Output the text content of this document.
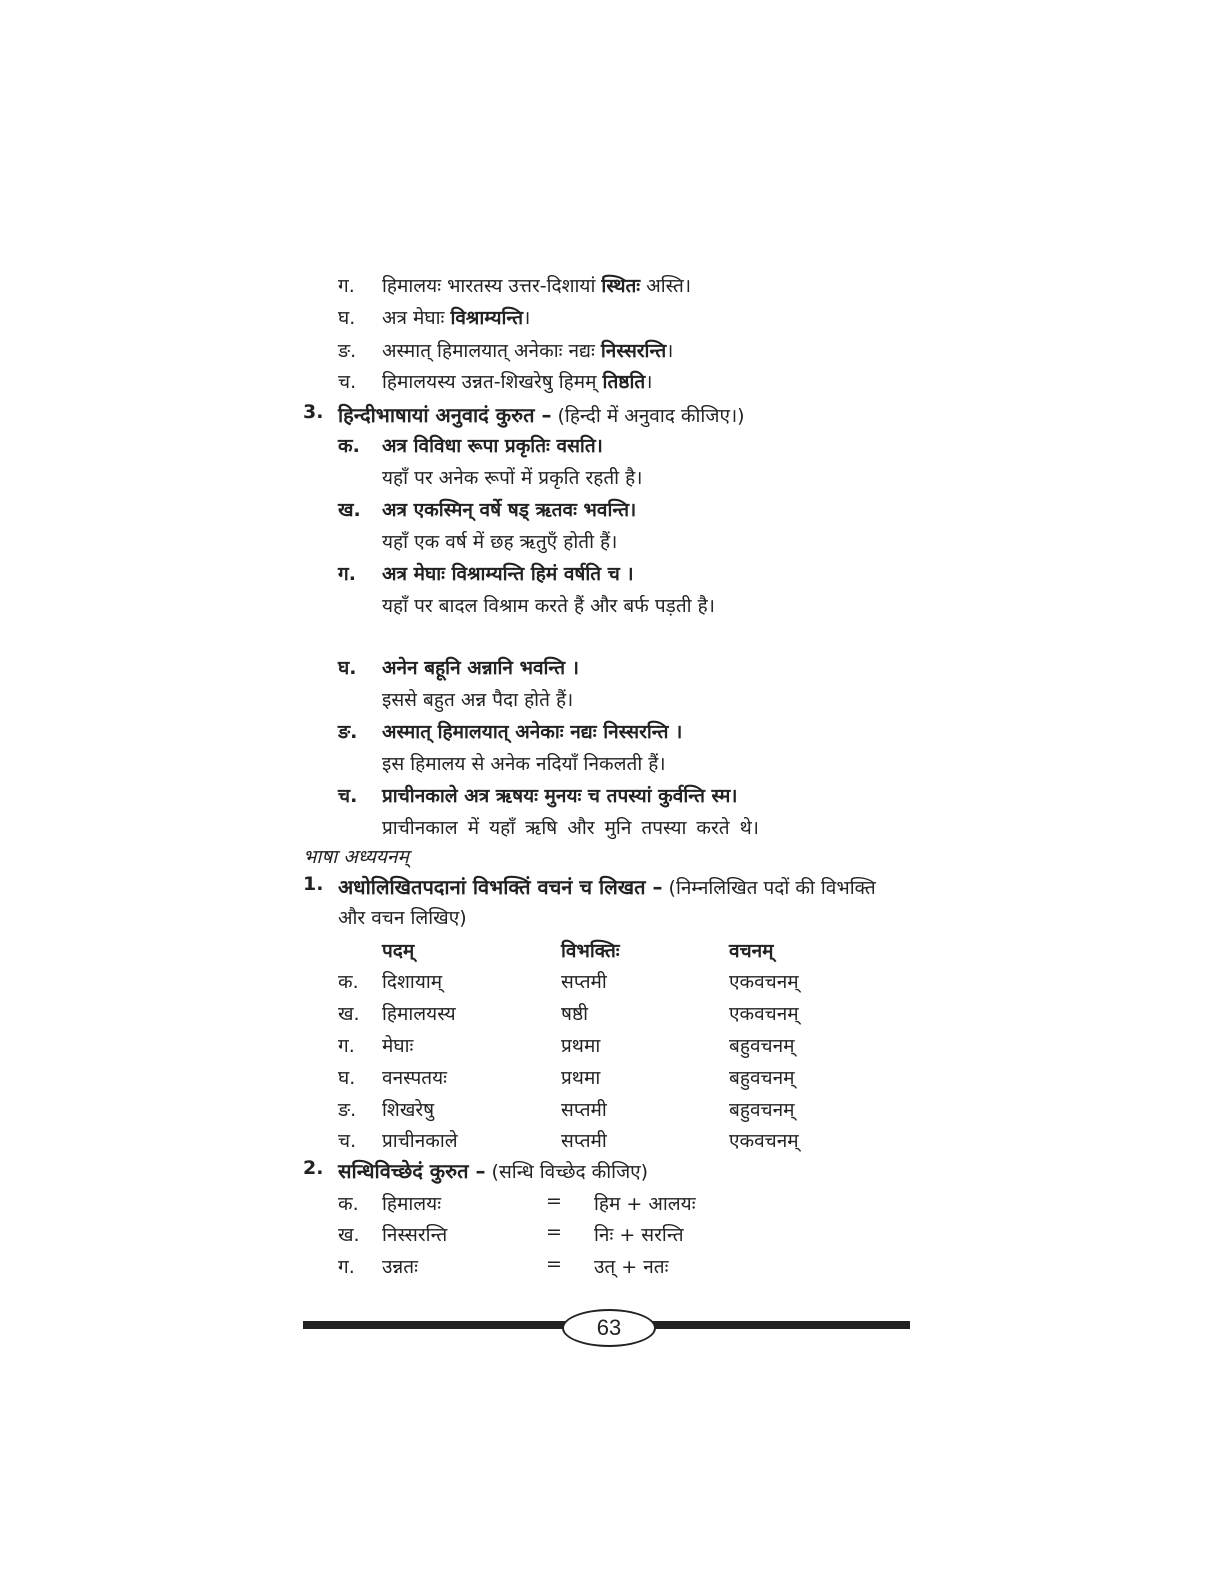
ग. हिमालयः भारतस्य उत्तर-दिशायां स्थितः अस्ति।
घ. अत्र मेघाः विश्राम्यन्ति।
ङ. अस्मात् हिमालयात् अनेकाः नद्यः निस्सरन्ति।
च. हिमालयस्य उन्नत-शिखरेषु हिमम् तिष्ठति।
3. हिन्दीभाषायां अनुवादं कुरुत – (हिन्दी में अनुवाद कीजिए।)
क. अत्र विविधा रूपा प्रकृतिः वसति।
यहाँ पर अनेक रूपों में प्रकृति रहती है।
ख. अत्र एकस्मिन् वर्षे षड् ऋतवः भवन्ति।
यहाँ एक वर्ष में छह ऋतुएँ होती हैं।
ग. अत्र मेघाः विश्राम्यन्ति हिमं वर्षति च ।
यहाँ पर बादल विश्राम करते हैं और बर्फ पड़ती है।
घ. अनेन बहूनि अन्नानि भवन्ति ।
इससे बहुत अन्न पैदा होते हैं।
ङ. अस्मात् हिमालयात् अनेकाः नद्यः निस्सरन्ति ।
इस हिमालय से अनेक नदियाँ निकलती हैं।
च. प्राचीनकाले अत्र ऋषयः मुनयः च तपस्यां कुर्वन्ति स्म।
प्राचीनकाल में यहाँ ऋषि और मुनि तपस्या करते थे।
भाषा अध्ययनम्
1. अधोलिखितपदानां विभक्तिं वचनं च लिखत – (निम्नलिखित पदों की विभक्ति
और वचन लिखिए)
पदम्	विभक्तिः	वचनम्
क. दिशायाम्	सप्तमी	एकवचनम्
ख. हिमालयस्य	षष्ठी	एकवचनम्
ग. मेघाः	प्रथमा	बहुवचनम्
घ. वनस्पतयः	प्रथमा	बहुवचनम्
ङ. शिखरेषु	सप्तमी	बहुवचनम्
च. प्राचीनकाले	सप्तमी	एकवचनम्
2. सन्धिविच्छेदं कुरुत – (सन्धि विच्छेद कीजिए)
क. हिमालयः	= हिम + आलयः
ख. निस्सरन्ति	= निः + सरन्ति
ग. उन्नतः	= उत् + नतः
63
